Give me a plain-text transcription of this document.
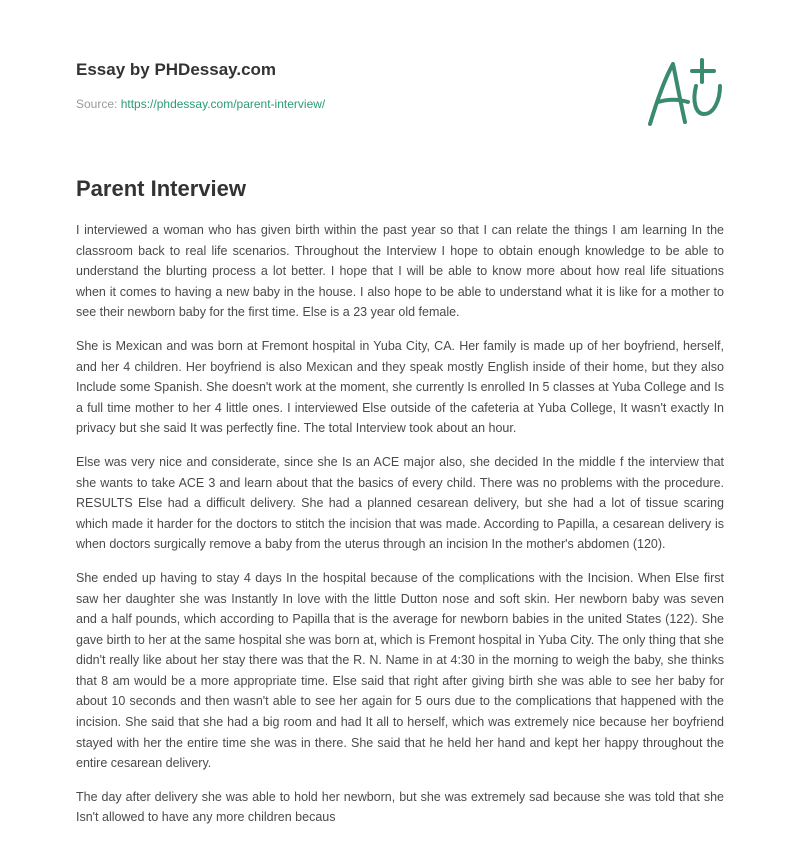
Essay by PHDessay.com

Source: https://phdessay.com/parent-interview/

Parent Interview

I interviewed a woman who has given birth within the past year so that I can relate the things I am learning In the classroom back to real life scenarios. Throughout the Interview I hope to obtain enough knowledge to be able to understand the blurting process a lot better. I hope that I will be able to know more about how real life situations when it comes to having a new baby in the house. I also hope to be able to understand what it is like for a mother to see their newborn baby for the first time. Else is a 23 year old female.

She is Mexican and was born at Fremont hospital in Yuba City, CA. Her family is made up of her boyfriend, herself, and her 4 children. Her boyfriend is also Mexican and they speak mostly English inside of their home, but they also Include some Spanish. She doesn't work at the moment, she currently Is enrolled In 5 classes at Yuba College and Is a full time mother to her 4 little ones. I interviewed Else outside of the cafeteria at Yuba College, It wasn't exactly In privacy but she said It was perfectly fine. The total Interview took about an hour.

Else was very nice and considerate, since she Is an ACE major also, she decided In the middle f the interview that she wants to take ACE 3 and learn about that the basics of every child. There was no problems with the procedure. RESULTS Else had a difficult delivery. She had a planned cesarean delivery, but she had a lot of tissue scaring which made it harder for the doctors to stitch the incision that was made. According to Papilla, a cesarean delivery is when doctors surgically remove a baby from the uterus through an incision In the mother's abdomen (120).

She ended up having to stay 4 days In the hospital because of the complications with the Incision. When Else first saw her daughter she was Instantly In love with the little Dutton nose and soft skin. Her newborn baby was seven and a half pounds, which according to Papilla that is the average for newborn babies in the united States (122). She gave birth to her at the same hospital she was born at, which is Fremont hospital in Yuba City. The only thing that she didn't really like about her stay there was that the R. N. Name in at 4:30 in the morning to weigh the baby, she thinks that 8 am would be a more appropriate time. Else said that right after giving birth she was able to see her baby for about 10 seconds and then wasn't able to see her again for 5 ours due to the complications that happened with the incision. She said that she had a big room and had It all to herself, which was extremely nice because her boyfriend stayed with her the entire time she was in there. She said that he held her hand and kept her happy throughout the entire cesarean delivery.

The day after delivery she was able to hold her newborn, but she was extremely sad because she was told that she Isn't allowed to have any more children becaus
